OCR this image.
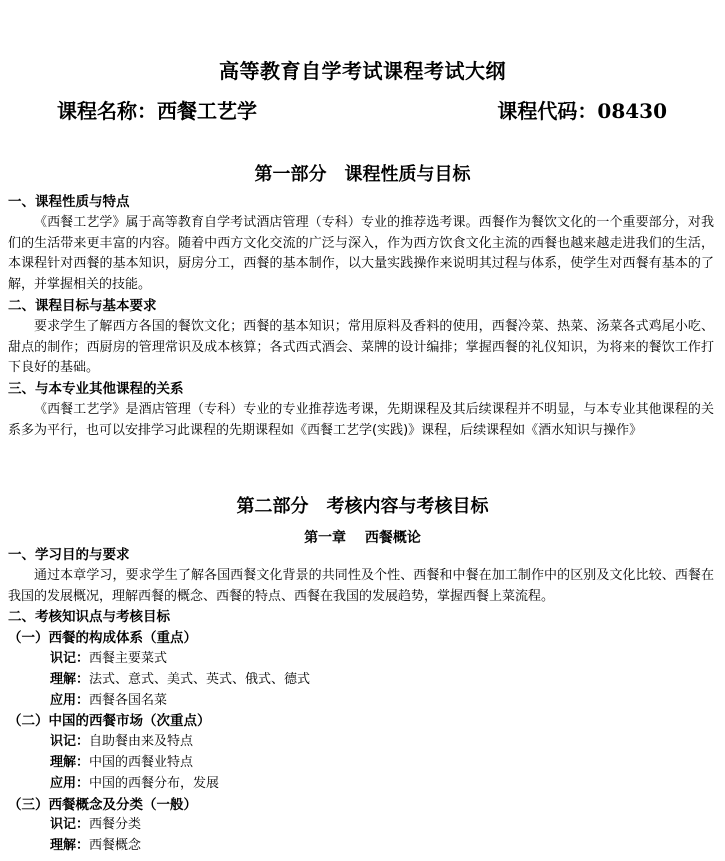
高等教育自学考试课程考试大纲
课程名称：西餐工艺学	课程代码：08430
第一部分　课程性质与目标
一、课程性质与特点
《西餐工艺学》属于高等教育自学考试酒店管理（专科）专业的推荐选考课。西餐作为餐饮文化的一个重要部分，对我们的生活带来更丰富的内容。随着中西方文化交流的广泛与深入，作为西方饮食文化主流的西餐也越来越走进我们的生活，本课程针对西餐的基本知识，厨房分工，西餐的基本制作，以大量实践操作来说明其过程与体系，使学生对西餐有基本的了解，并掌握相关的技能。
二、课程目标与基本要求
要求学生了解西方各国的餐饮文化；西餐的基本知识；常用原料及香料的使用，西餐冷菜、热菜、汤菜各式鸡尾小吃、甜点的制作；西厨房的管理常识及成本核算；各式西式酒会、菜牌的设计编排；掌握西餐的礼仪知识，为将来的餐饮工作打下良好的基础。
三、与本专业其他课程的关系
《西餐工艺学》是酒店管理（专科）专业的专业推荐选考课，先期课程及其后续课程并不明显，与本专业其他课程的关系多为平行，也可以安排学习此课程的先期课程如《西餐工艺学(实践)》课程，后续课程如《酒水知识与操作》
第二部分　考核内容与考核目标
第一章　 西餐概论
一、学习目的与要求
通过本章学习，要求学生了解各国西餐文化背景的共同性及个性、西餐和中餐在加工制作中的区别及文化比较、西餐在我国的发展概况，理解西餐的概念、西餐的特点、西餐在我国的发展趋势，掌握西餐上菜流程。
二、考核知识点与考核目标
（一）西餐的构成体系（重点）
识记：西餐主要菜式
理解：法式、意式、美式、英式、俄式、德式
应用：西餐各国名菜
（二）中国的西餐市场（次重点）
识记：自助餐由来及特点
理解：中国的西餐业特点
应用：中国的西餐分布，发展
（三）西餐概念及分类（一般）
识记：西餐分类
理解：西餐概念
